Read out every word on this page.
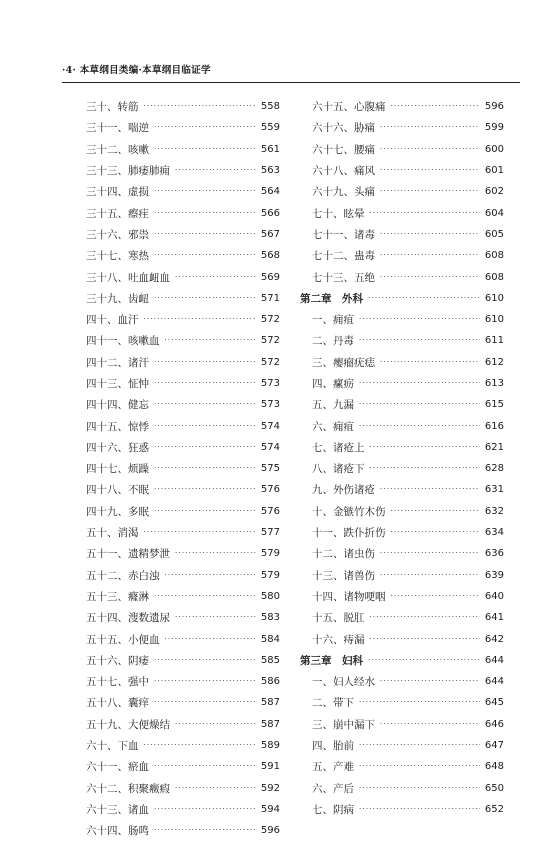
·4· 本草纲目类编·本草纲目临证学
三十、转筋 ·····	558
三十一、喘逆 ·····	559
三十二、咳嗽 ·····	561
三十三、肺痿肺痈 ·····	563
三十四、虚损 ·····	564
三十五、瘵疰 ·····	566
三十六、邪祟 ·····	567
三十七、寒热 ·····	568
三十八、吐血衄血 ·····	569
三十九、齿衄 ·····	571
四十、血汗 ·····	572
四十一、咳嗽血 ·····	572
四十二、诸汗 ·····	572
四十三、怔忡 ·····	573
四十四、健忘 ·····	573
四十五、惊悸 ·····	574
四十六、狂惑 ·····	574
四十七、烦躁 ·····	575
四十八、不眠 ·····	576
四十九、多眠 ·····	576
五十、消渴 ·····	577
五十一、遗精梦泄 ·····	579
五十二、赤白浊 ·····	579
五十三、癃淋 ·····	580
五十四、溲数遗尿 ·····	583
五十五、小便血 ·····	584
五十六、阴痿 ·····	585
五十七、强中 ·····	586
五十八、囊痒 ·····	587
五十九、大便燥结 ·····	587
六十、下血 ·····	589
六十一、瘀血 ·····	591
六十二、积聚癥瘕 ·····	592
六十三、诸血 ·····	594
六十四、肠鸣 ·····	596
六十五、心腹痛 ·····	596
六十六、胁痛 ·····	599
六十七、腰痛 ·····	600
六十八、痛风 ·····	601
六十九、头痛 ·····	602
七十、眩晕 ·····	604
七十一、诸毒 ·····	605
七十二、蛊毒 ·····	608
七十三、五绝 ·····	608
第二章　外科 ·····	610
一、痈疽 ·····	610
二、丹毒 ·····	611
三、瘿瘤疣痣 ·····	612
四、瘰疬 ·····	613
五、九漏 ·····	615
六、痈疽 ·····	616
七、诸疮上 ·····	621
八、诸疮下 ·····	628
九、外伤诸疮 ·····	631
十、金镞竹木伤 ·····	632
十一、跌仆折伤 ·····	634
十二、诸虫伤 ·····	636
十三、诸兽伤 ·····	639
十四、诸物哽咽 ·····	640
十五、脱肛 ·····	641
十六、痔漏 ·····	642
第三章　妇科 ·····	644
一、妇人经水 ·····	644
二、带下 ·····	645
三、崩中漏下 ·····	646
四、胎前 ·····	647
五、产难 ·····	648
六、产后 ·····	650
七、阴病 ·····	652
